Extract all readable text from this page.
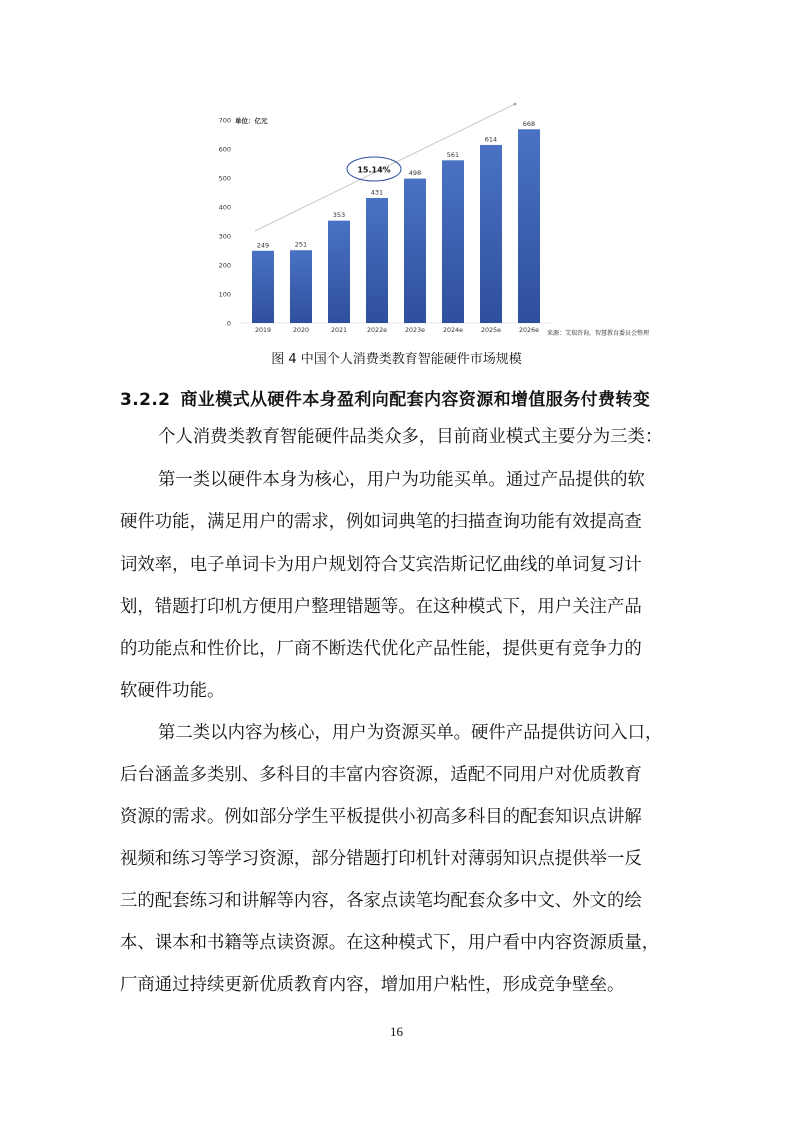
0
100
200
300
400
500
600
700
249
2019
251
2020
353
2021
431
2022e
498
2023e
561
2024e
614
2025e
668
2026e
15.14%
单位：亿元
来源：艾瑞咨询，智慧教育委员会整理
图 4 中国个人消费类教育智能硬件市场规模
3.2.2 商业模式从硬件本身盈利向配套内容资源和增值服务付费转变
个人消费类教育智能硬件品类众多，目前商业模式主要分为三类：
第一类以硬件本身为核心，用户为功能买单。通过产品提供的软
硬件功能，满足用户的需求，例如词典笔的扫描查询功能有效提高查
词效率，电子单词卡为用户规划符合艾宾浩斯记忆曲线的单词复习计
划，错题打印机方便用户整理错题等。在这种模式下，用户关注产品
的功能点和性价比，厂商不断迭代优化产品性能，提供更有竞争力的
软硬件功能。
第二类以内容为核心，用户为资源买单。硬件产品提供访问入口，
后台涵盖多类别、多科目的丰富内容资源，适配不同用户对优质教育
资源的需求。例如部分学生平板提供小初高多科目的配套知识点讲解
视频和练习等学习资源，部分错题打印机针对薄弱知识点提供举一反
三的配套练习和讲解等内容，各家点读笔均配套众多中文、外文的绘
本、课本和书籍等点读资源。在这种模式下，用户看中内容资源质量，
厂商通过持续更新优质教育内容，增加用户粘性，形成竞争壁垒。
16
